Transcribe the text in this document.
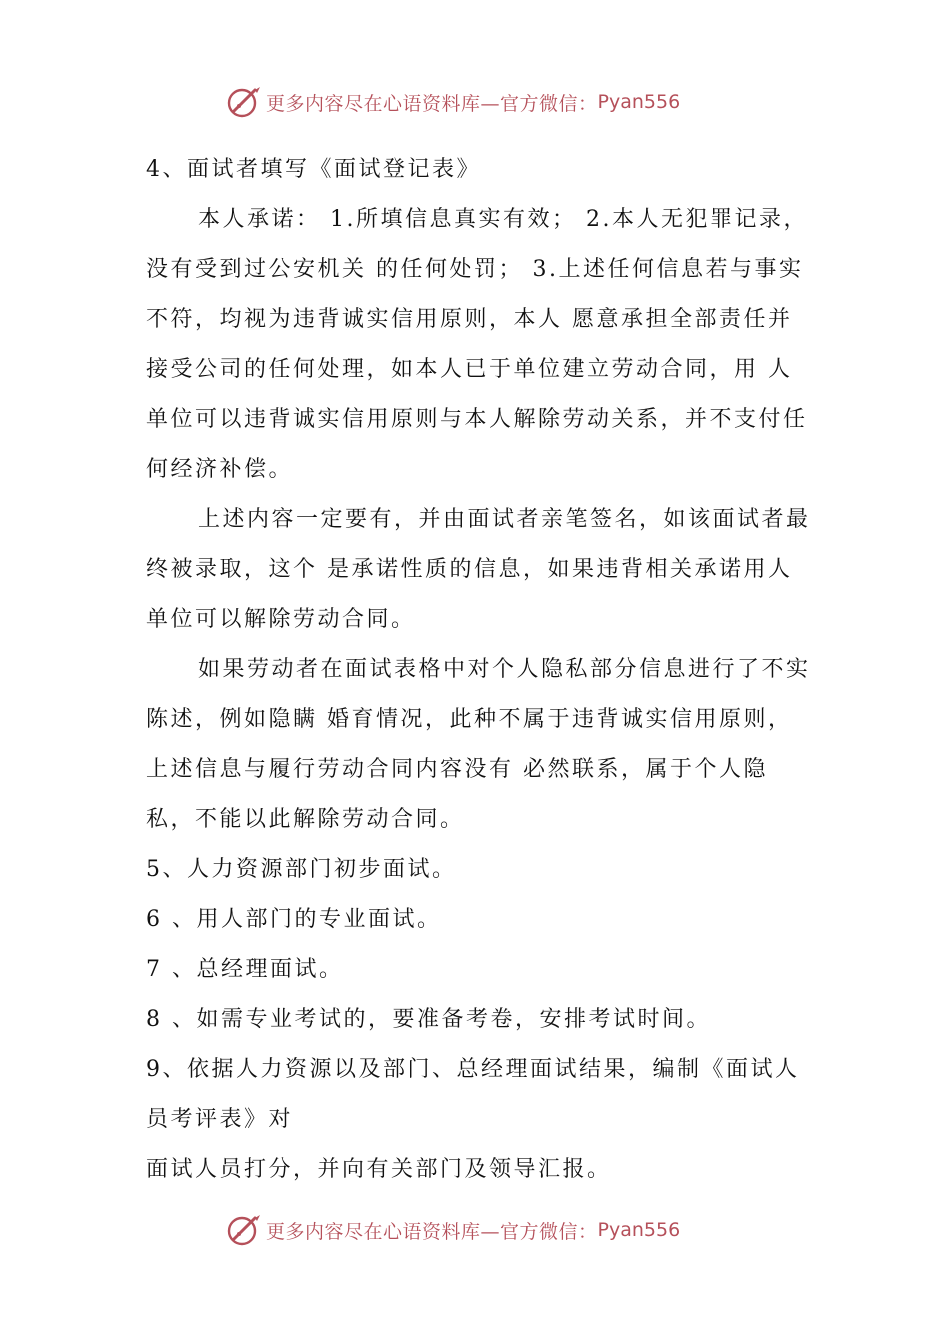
更多内容尽在心语资料库—官方微信： Pyan556

4、面试者填写《面试登记表》

本人承诺： 1.所填信息真实有效； 2.本人无犯罪记录，没有受到过公安机关 的任何处罚； 3.上述任何信息若与事实不符，均视为违背诚实信用原则，本人 愿意承担全部责任并接受公司的任何处理，如本人已于单位建立劳动合同，用 人单位可以违背诚实信用原则与本人解除劳动关系，并不支付任何经济补偿。

上述内容一定要有，并由面试者亲笔签名，如该面试者最终被录取，这个 是承诺性质的信息，如果违背相关承诺用人单位可以解除劳动合同。

如果劳动者在面试表格中对个人隐私部分信息进行了不实陈述，例如隐瞒 婚育情况，此种不属于违背诚实信用原则，上述信息与履行劳动合同内容没有 必然联系，属于个人隐私，不能以此解除劳动合同。

5、人力资源部门初步面试。

6 、用人部门的专业面试。

7 、总经理面试。

8 、如需专业考试的，要准备考卷，安排考试时间。

9、依据人力资源以及部门、总经理面试结果，编制《面试人员考评表》对

面试人员打分，并向有关部门及领导汇报。

更多内容尽在心语资料库—官方微信： Pyan556
